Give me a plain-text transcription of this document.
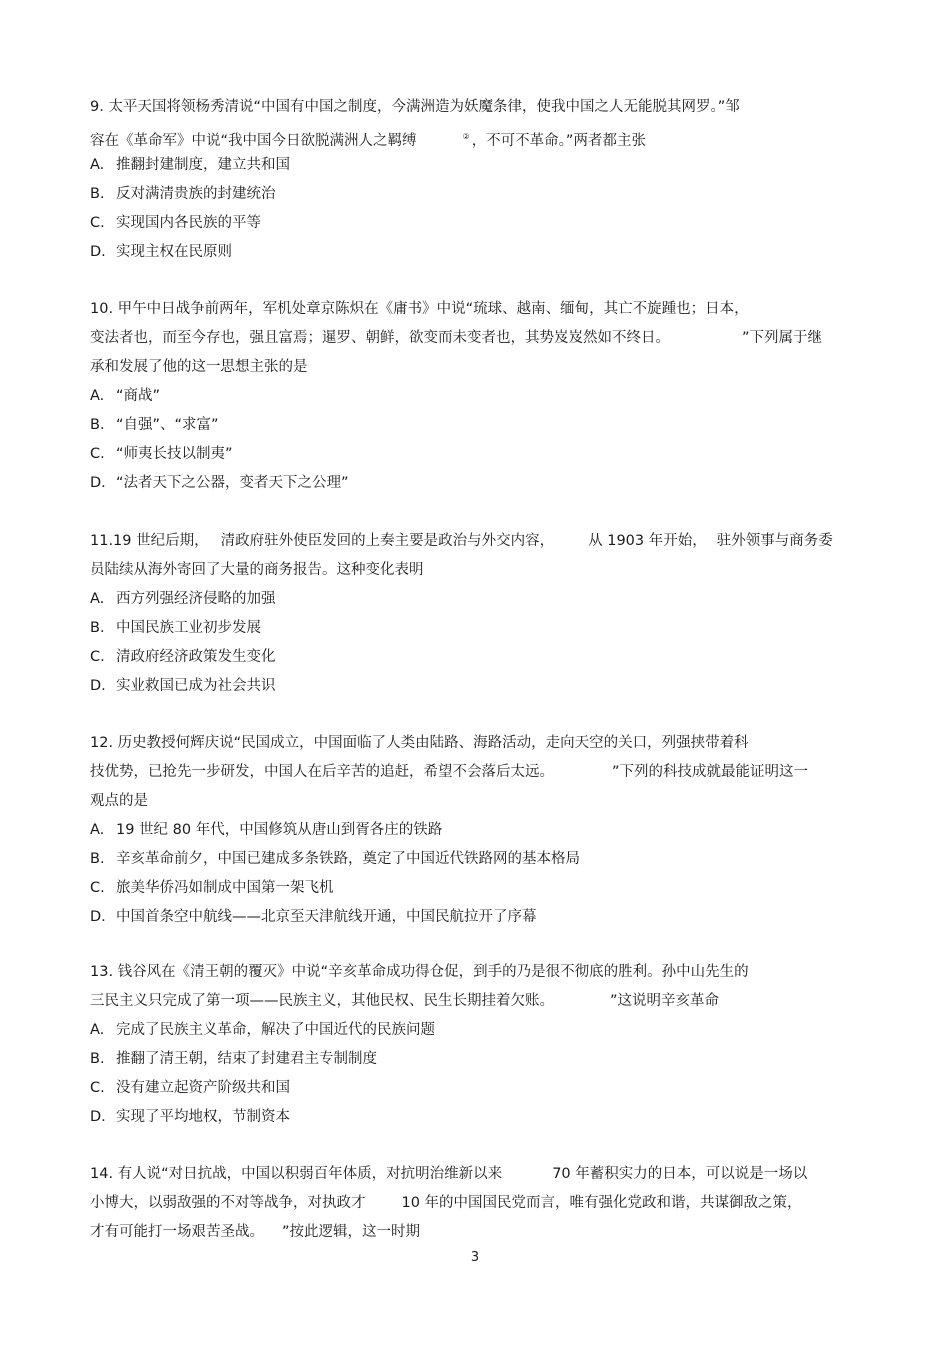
9. 太平天国将领杨秀清说“中国有中国之制度，今满洲造为妖魔条律，使我中国之人无能脱其网罗。”邹
容在《革命军》中说“我中国今日欲脱满洲人之羁缚	② ，不可不革命。”两者都主张
A. 推翻封建制度，建立共和国
B. 反对满清贵族的封建统治
C. 实现国内各民族的平等
D. 实现主权在民原则
10. 甲午中日战争前两年，军机处章京陈炽在《庸书》中说“琉球、越南、缅甸，其亡不旋踵也；日本，
变法者也，而至今存也，强且富焉；暹罗、朝鲜，欲变而未变者也，其势岌岌然如不终日。	”下列属于继
承和发展了他的这一思想主张的是
A. “商战”
B. “自强”、“求富”
C. “师夷长技以制夷”
D. “法者天下之公器，变者天下之公理”
11.19 世纪后期， 清政府驻外使臣发回的上奏主要是政治与外交内容， 从 1903 年开始， 驻外领事与商务委
员陆续从海外寄回了大量的商务报告。这种变化表明
A. 西方列强经济侵略的加强
B. 中国民族工业初步发展
C. 清政府经济政策发生变化
D. 实业救国已成为社会共识
12. 历史教授何辉庆说“民国成立，中国面临了人类由陆路、海路活动，走向天空的关口，列强挟带着科
技优势，已抢先一步研发，中国人在后辛苦的追赶，希望不会落后太远。	”下列的科技成就最能证明这一
观点的是
A. 19 世纪 80 年代，中国修筑从唐山到胥各庄的铁路
B. 辛亥革命前夕，中国已建成多条铁路，奠定了中国近代铁路网的基本格局
C. 旅美华侨冯如制成中国第一架飞机
D. 中国首条空中航线——北京至天津航线开通，中国民航拉开了序幕
13. 钱谷风在《清王朝的覆灭》中说“辛亥革命成功得仓促，到手的乃是很不彻底的胜利。孙中山先生的
三民主义只完成了第一项——民族主义，其他民权、民生长期挂着欠账。	”这说明辛亥革命
A. 完成了民族主义革命，解决了中国近代的民族问题
B. 推翻了清王朝，结束了封建君主专制制度
C. 没有建立起资产阶级共和国
D. 实现了平均地权，节制资本
14. 有人说“对日抗战，中国以积弱百年体质，对抗明治维新以来	70 年蓄积实力的日本，可以说是一场以
小博大，以弱敌强的不对等战争，对执政才 10 年的中国国民党而言，唯有强化党政和谐，共谋御敌之策，
才有可能打一场艰苦圣战。 ”按此逻辑，这一时期
3
